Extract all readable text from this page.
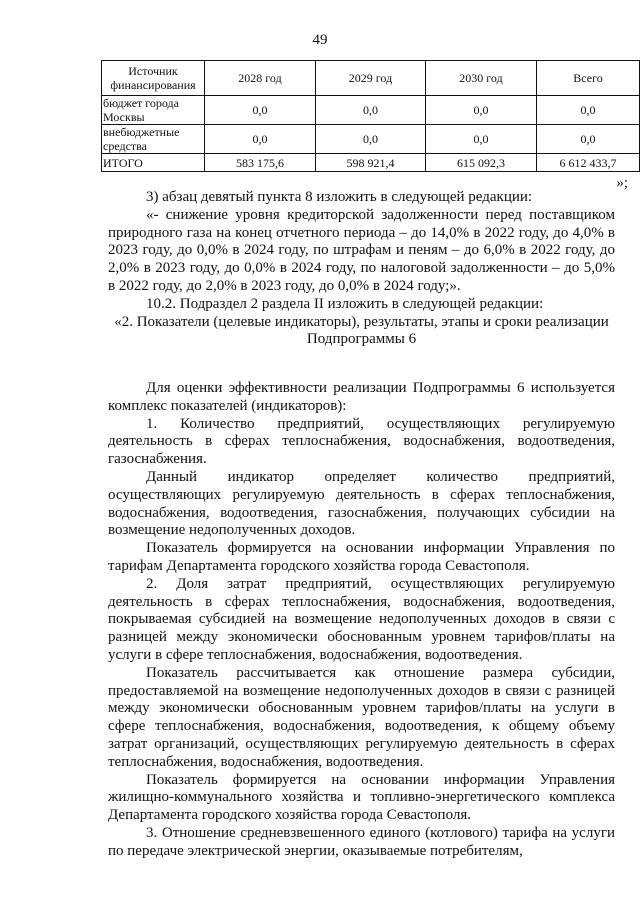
49
Источник финансирования	2028 год	2029 год	2030 год	Всего
бюджет города Москвы	0,0	0,0	0,0	0,0
внебюджетные средства	0,0	0,0	0,0	0,0
ИТОГО	583 175,6	598 921,4	615 092,3	6 612 433,7
»;

3) абзац девятый пункта 8 изложить в следующей редакции:

«- снижение уровня кредиторской задолженности перед поставщиком природного газа на конец отчетного периода – до 14,0% в 2022 году, до 4,0% в 2023 году, до 0,0% в 2024 году, по штрафам и пеням – до 6,0% в 2022 году, до 2,0% в 2023 году, до 0,0% в 2024 году, по налоговой задолженности – до 5,0% в 2022 году, до 2,0% в 2023 году, до 0,0% в 2024 году;».

10.2. Подраздел 2 раздела II изложить в следующей редакции:

«2. Показатели (целевые индикаторы), результаты, этапы и сроки реализации Подпрограммы 6

Для оценки эффективности реализации Подпрограммы 6 используется комплекс показателей (индикаторов):

1. Количество предприятий, осуществляющих регулируемую деятельность в сферах теплоснабжения, водоснабжения, водоотведения, газоснабжения.

Данный индикатор определяет количество предприятий, осуществляющих регулируемую деятельность в сферах теплоснабжения, водоснабжения, водоотведения, газоснабжения, получающих субсидии на возмещение недополученных доходов.

Показатель формируется на основании информации Управления по тарифам Департамента городского хозяйства города Севастополя.

2. Доля затрат предприятий, осуществляющих регулируемую деятельность в сферах теплоснабжения, водоснабжения, водоотведения, покрываемая субсидией на возмещение недополученных доходов в связи с разницей между экономически обоснованным уровнем тарифов/платы на услуги в сфере теплоснабжения, водоснабжения, водоотведения.

Показатель рассчитывается как отношение размера субсидии, предоставляемой на возмещение недополученных доходов в связи с разницей между экономически обоснованным уровнем тарифов/платы на услуги в сфере теплоснабжения, водоснабжения, водоотведения, к общему объему затрат организаций, осуществляющих регулируемую деятельность в сферах теплоснабжения, водоснабжения, водоотведения.

Показатель формируется на основании информации Управления жилищно-коммунального хозяйства и топливно-энергетического комплекса Департамента городского хозяйства города Севастополя.

3. Отношение средневзвешенного единого (котлового) тарифа на услуги по передаче электрической энергии, оказываемые потребителям,
